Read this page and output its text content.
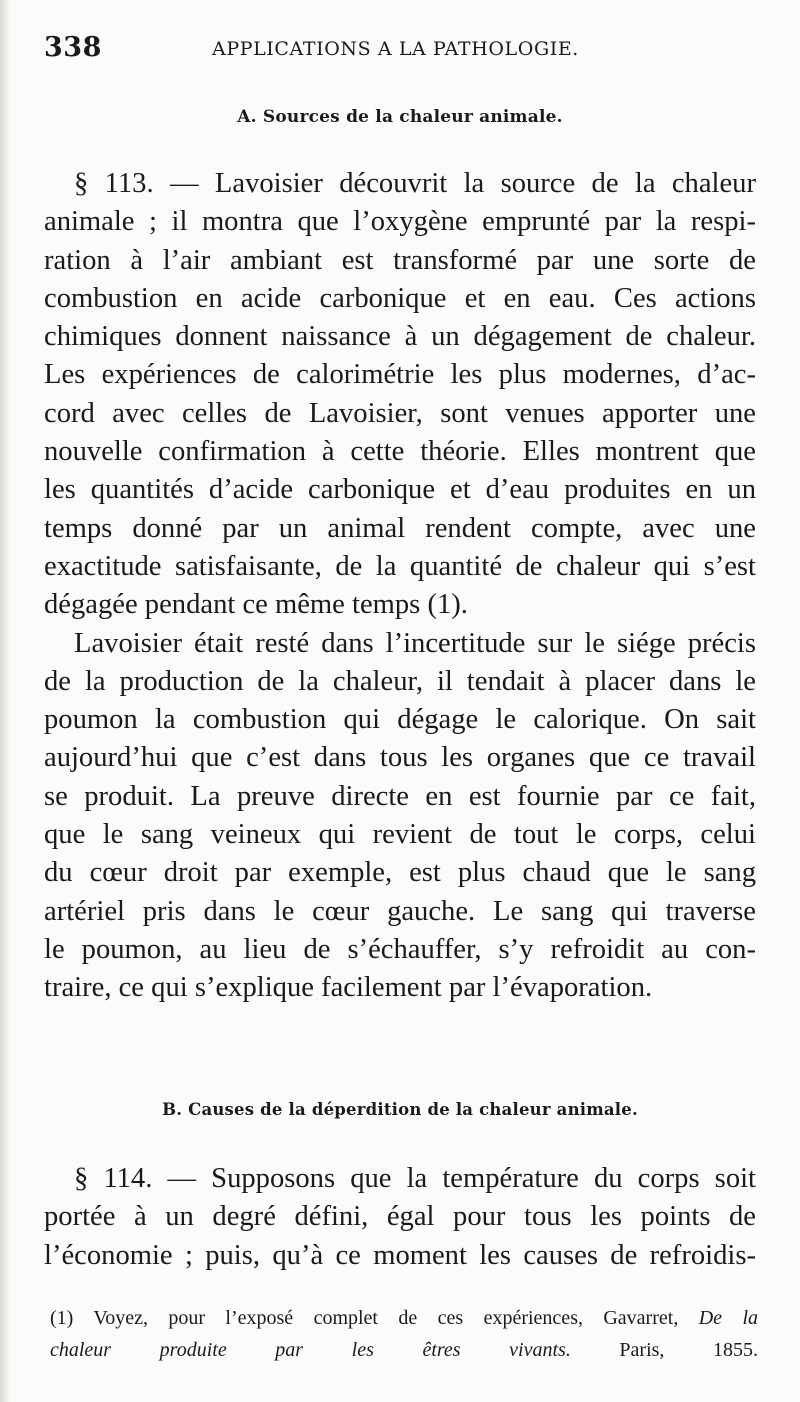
338	APPLICATIONS A LA PATHOLOGIE.
A. Sources de la chaleur animale.
§ 113. — Lavoisier découvrit la source de la chaleur
animale ; il montra que l’oxygène emprunté par la respi-
ration à l’air ambiant est transformé par une sorte de
combustion en acide carbonique et en eau. Ces actions
chimiques donnent naissance à un dégagement de chaleur.
Les expériences de calorimétrie les plus modernes, d’ac-
cord avec celles de Lavoisier, sont venues apporter une
nouvelle confirmation à cette théorie. Elles montrent que
les quantités d’acide carbonique et d’eau produites en un
temps donné par un animal rendent compte, avec une
exactitude satisfaisante, de la quantité de chaleur qui s’est
dégagée pendant ce même temps (1).
Lavoisier était resté dans l’incertitude sur le siége précis
de la production de la chaleur, il tendait à placer dans le
poumon la combustion qui dégage le calorique. On sait
aujourd’hui que c’est dans tous les organes que ce travail
se produit. La preuve directe en est fournie par ce fait,
que le sang veineux qui revient de tout le corps, celui
du cœur droit par exemple, est plus chaud que le sang
artériel pris dans le cœur gauche. Le sang qui traverse
le poumon, au lieu de s’échauffer, s’y refroidit au con-
traire, ce qui s’explique facilement par l’évaporation.
B. Causes de la déperdition de la chaleur animale.
§ 114. — Supposons que la température du corps soit
portée à un degré défini, égal pour tous les points de
l’économie ; puis, qu’à ce moment les causes de refroidis-
(1) Voyez, pour l’exposé complet de ces expériences, Gavarret, De la
chaleur produite par les êtres vivants. Paris, 1855.
